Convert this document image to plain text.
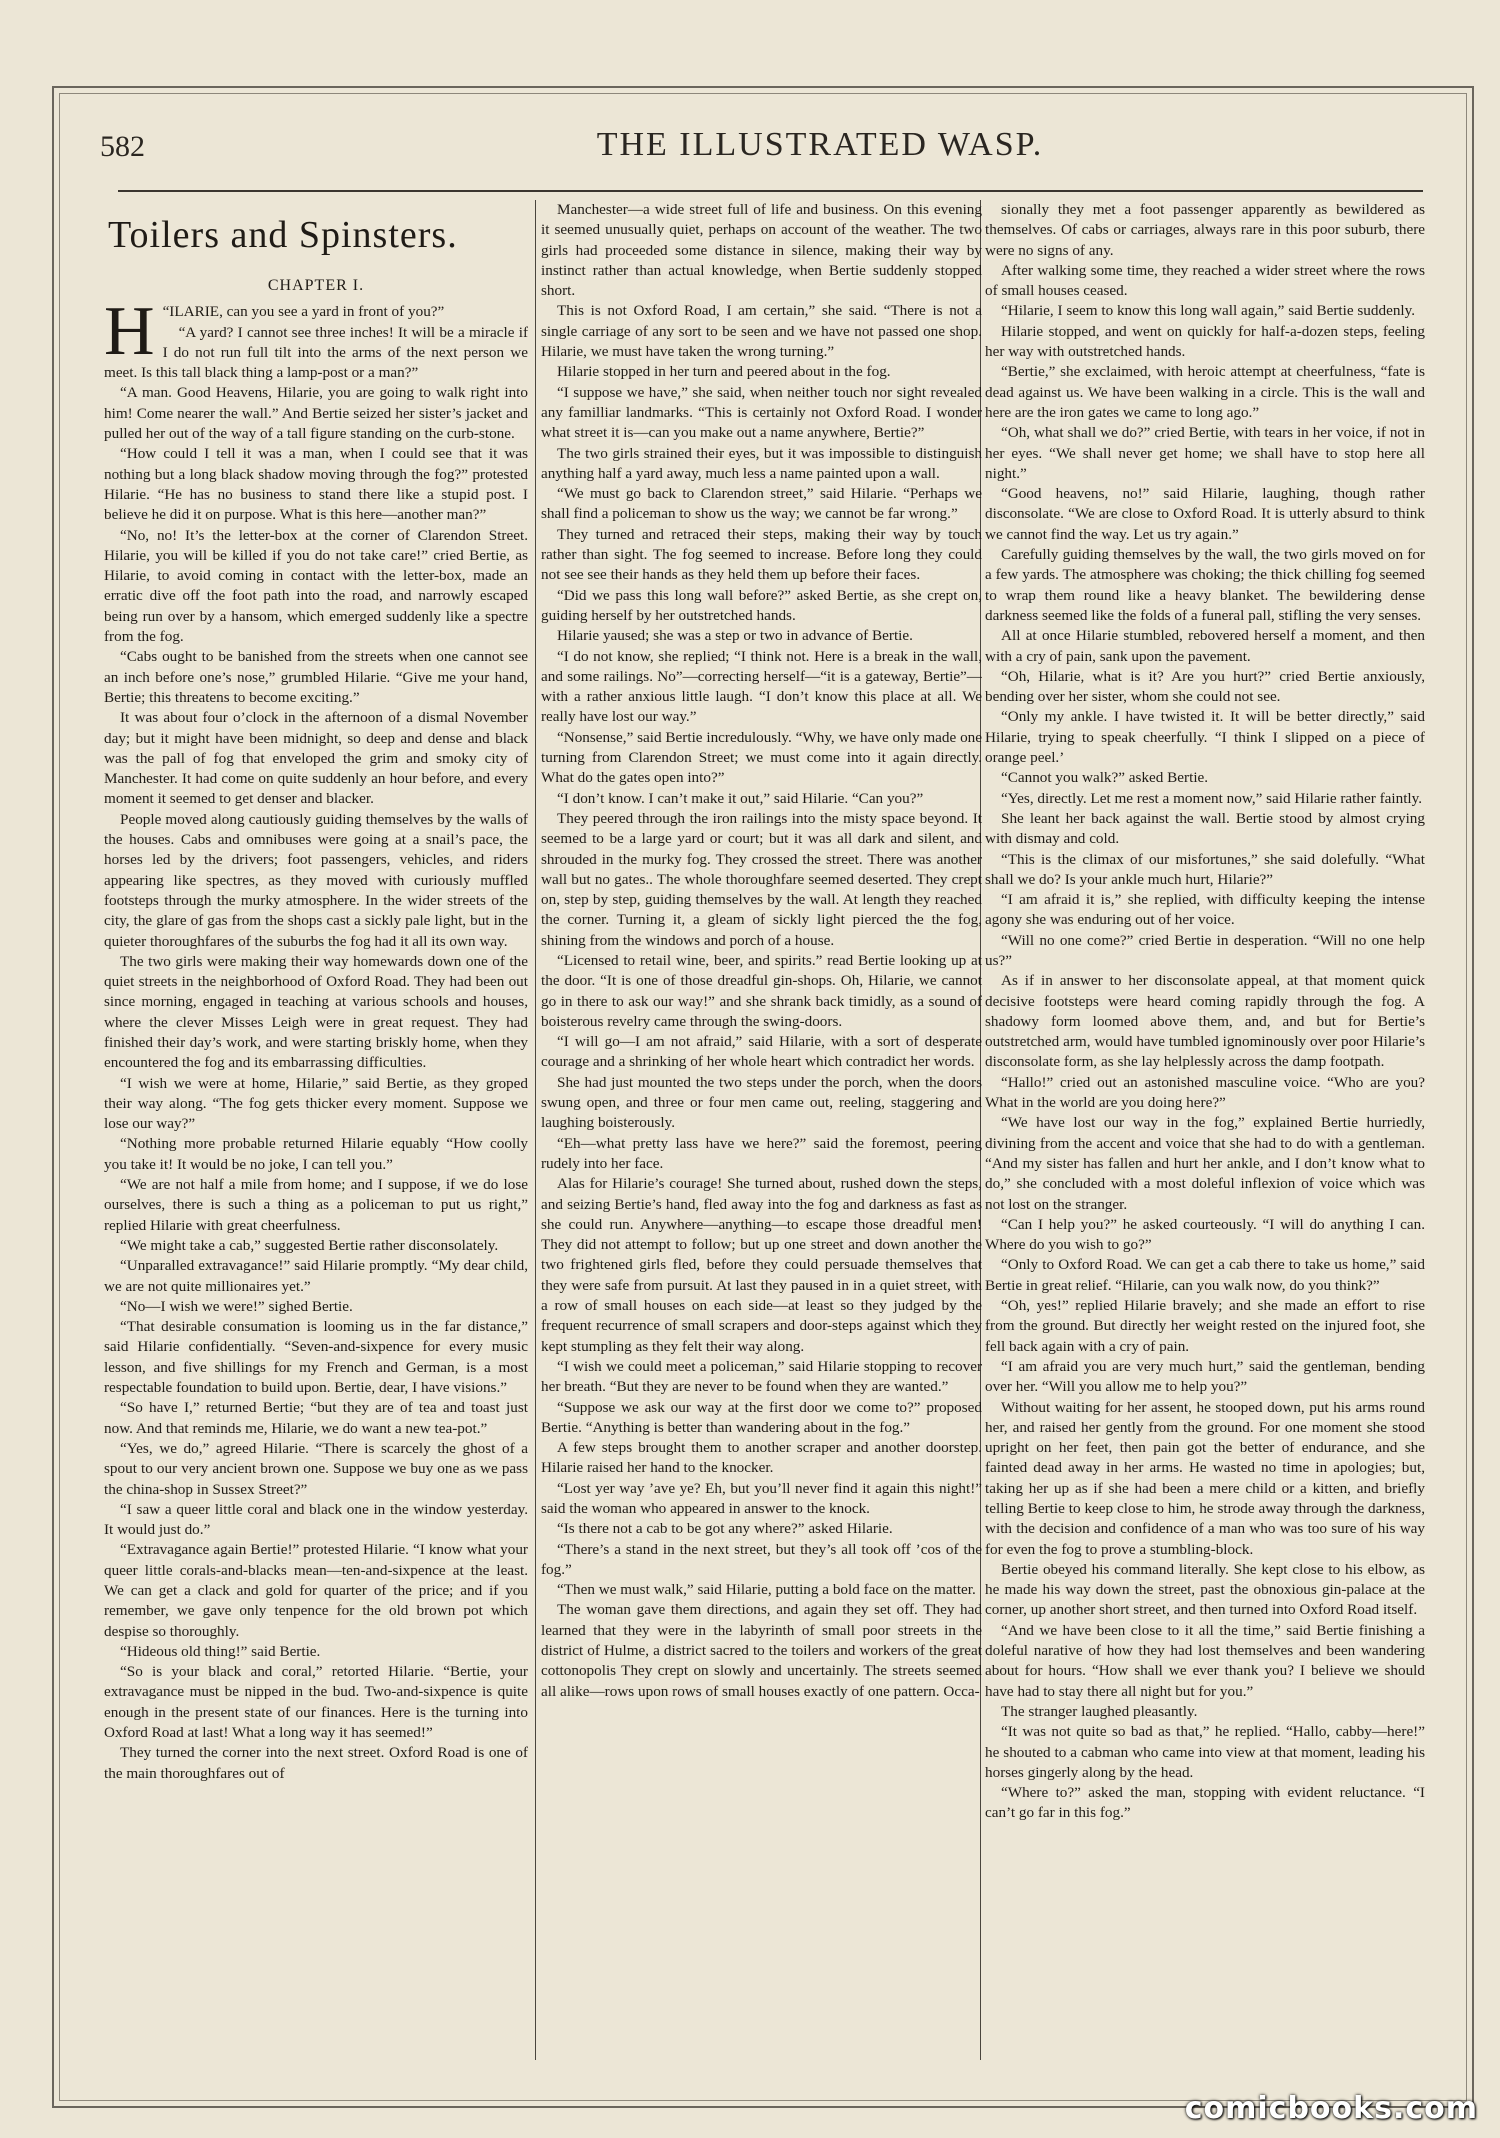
582	THE ILLUSTRATED WASP.
Toilers and Spinsters.
CHAPTER I.
H “ILARIE, can you see a yard in front of you?”

“A yard? I cannot see three inches! It will be a miracle if I do not run full tilt into the arms of the next person we meet. Is this tall black thing a lamp-post or a man?”

“A man. Good Heavens, Hilarie, you are going to walk right into him! Come nearer the wall.” And Bertie seized her sister’s jacket and pulled her out of the way of a tall figure standing on the curb-stone.

“How could I tell it was a man, when I could see that it was nothing but a long black shadow moving through the fog?” protested Hilarie. “He has no business to stand there like a stupid post. I believe he did it on purpose. What is this here—another man?”

“No, no! It’s the letter-box at the corner of Clarendon Street. Hilarie, you will be killed if you do not take care!” cried Bertie, as Hilarie, to avoid coming in contact with the letter-box, made an erratic dive off the foot path into the road, and narrowly escaped being run over by a hansom, which emerged suddenly like a spectre from the fog.

“Cabs ought to be banished from the streets when one cannot see an inch before one’s nose,” grumbled Hilarie. “Give me your hand, Bertie; this threatens to become exciting.”

It was about four o’clock in the afternoon of a dismal November day; but it might have been midnight, so deep and dense and black was the pall of fog that enveloped the grim and smoky city of Manchester. It had come on quite suddenly an hour before, and every moment it seemed to get denser and blacker.

People moved along cautiously guiding themselves by the walls of the houses. Cabs and omnibuses were going at a snail’s pace, the horses led by the drivers; foot passengers, vehicles, and riders appearing like spectres, as they moved with curiously muffled footsteps through the murky atmosphere. In the wider streets of the city, the glare of gas from the shops cast a sickly pale light, but in the quieter thoroughfares of the suburbs the fog had it all its own way.

The two girls were making their way homewards down one of the quiet streets in the neighborhood of Oxford Road. They had been out since morning, engaged in teaching at various schools and houses, where the clever Misses Leigh were in great request. They had finished their day’s work, and were starting briskly home, when they encountered the fog and its embarrassing difficulties.

“I wish we were at home, Hilarie,” said Bertie, as they groped their way along. “The fog gets thicker every moment. Suppose we lose our way?”

“Nothing more probable returned Hilarie equably “How coolly you take it! It would be no joke, I can tell you.”

“We are not half a mile from home; and I suppose, if we do lose ourselves, there is such a thing as a policeman to put us right,” replied Hilarie with great cheerfulness.

“We might take a cab,” suggested Bertie rather disconsolately.

“Unparalled extravagance!” said Hilarie promptly. “My dear child, we are not quite millionaires yet.”

“No—I wish we were!” sighed Bertie.

“That desirable consumation is looming us in the far distance,” said Hilarie confidentially. “Seven-and-sixpence for every music lesson, and five shillings for my French and German, is a most respectable foundation to build upon. Bertie, dear, I have visions.”

“So have I,” returned Bertie; “but they are of tea and toast just now. And that reminds me, Hilarie, we do want a new tea-pot.”

“Yes, we do,” agreed Hilarie. “There is scarcely the ghost of a spout to our very ancient brown one. Suppose we buy one as we pass the china-shop in Sussex Street?”

“I saw a queer little coral and black one in the window yesterday. It would just do.”

“Extravagance again Bertie!” protested Hilarie. “I know what your queer little corals-and-blacks mean—ten-and-sixpence at the least. We can get a clack and gold for quarter of the price; and if you remember, we gave only tenpence for the old brown pot which despise so thoroughly.

“Hideous old thing!” said Bertie.

“So is your black and coral,” retorted Hilarie. “Bertie, your extravagance must be nipped in the bud. Two-and-sixpence is quite enough in the present state of our finances. Here is the turning into Oxford Road at last! What a long way it has seemed!”

They turned the corner into the next street. Oxford Road is one of the main thoroughfares out of

Manchester—a wide street full of life and business. On this evening it seemed unusually quiet, perhaps on account of the weather. The two girls had proceeded some distance in silence, making their way by instinct rather than actual knowledge, when Bertie suddenly stopped short.

This is not Oxford Road, I am certain,” she said. “There is not a single carriage of any sort to be seen and we have not passed one shop. Hilarie, we must have taken the wrong turning.”

Hilarie stopped in her turn and peered about in the fog.

“I suppose we have,” she said, when neither touch nor sight revealed any familliar landmarks. “This is certainly not Oxford Road. I wonder what street it is—can you make out a name anywhere, Bertie?”

The two girls strained their eyes, but it was impossible to distinguish anything half a yard away, much less a name painted upon a wall.

“We must go back to Clarendon street,” said Hilarie. “Perhaps we shall find a policeman to show us the way; we cannot be far wrong.”

They turned and retraced their steps, making their way by touch rather than sight. The fog seemed to increase. Before long they could not see see their hands as they held them up before their faces.

“Did we pass this long wall before?” asked Bertie, as she crept on, guiding herself by her outstretched hands.

Hilarie yaused; she was a step or two in advance of Bertie.

“I do not know, she replied; “I think not. Here is a break in the wall, and some railings. No”—correcting herself—“it is a gateway, Bertie”—with a rather anxious little laugh. “I don’t know this place at all. We really have lost our way.”

“Nonsense,” said Bertie incredulously. “Why, we have only made one turning from Clarendon Street; we must come into it again directly. What do the gates open into?”

“I don’t know. I can’t make it out,” said Hilarie. “Can you?”

They peered through the iron railings into the misty space beyond. It seemed to be a large yard or court; but it was all dark and silent, and shrouded in the murky fog. They crossed the street. There was another wall but no gates.. The whole thoroughfare seemed deserted. They crept on, step by step, guiding themselves by the wall. At length they reached the corner. Turning it, a gleam of sickly light pierced the the fog, shining from the windows and porch of a house.

“Licensed to retail wine, beer, and spirits.” read Bertie looking up at the door. “It is one of those dreadful gin-shops. Oh, Hilarie, we cannot go in there to ask our way!” and she shrank back timidly, as a sound of boisterous revelry came through the swing-doors.

“I will go—I am not afraid,” said Hilarie, with a sort of desperate courage and a shrinking of her whole heart which contradict her words.

She had just mounted the two steps under the porch, when the doors swung open, and three or four men came out, reeling, staggering and laughing boisterously.

“Eh—what pretty lass have we here?” said the foremost, peering rudely into her face.

Alas for Hilarie’s courage! She turned about, rushed down the steps, and seizing Bertie’s hand, fled away into the fog and darkness as fast as she could run. Anywhere—anything—to escape those dreadful men! They did not attempt to follow; but up one street and down another the two frightened girls fled, before they could persuade themselves that they were safe from pursuit. At last they paused in in a quiet street, with a row of small houses on each side—at least so they judged by the frequent recurrence of small scrapers and door-steps against which they kept stumpling as they felt their way along.

“I wish we could meet a policeman,” said Hilarie stopping to recover her breath. “But they are never to be found when they are wanted.”

“Suppose we ask our way at the first door we come to?” proposed Bertie. “Anything is better than wandering about in the fog.”

A few steps brought them to another scraper and another doorstep. Hilarie raised her hand to the knocker.

“Lost yer way ’ave ye? Eh, but you’ll never find it again this night!” said the woman who appeared in answer to the knock.

“Is there not a cab to be got any where?” asked Hilarie.

“There’s a stand in the next street, but they’s all took off ’cos of the fog.”

“Then we must walk,” said Hilarie, putting a bold face on the matter.

The woman gave them directions, and again they set off. They had learned that they were in the labyrinth of small poor streets in the district of Hulme, a district sacred to the toilers and workers of the great cottonopolis They crept on slowly and uncertainly. The streets seemed all alike—rows upon rows of small houses exactly of one pattern. Occa-

sionally they met a foot passenger apparently as bewildered as themselves. Of cabs or carriages, always rare in this poor suburb, there were no signs of any.

After walking some time, they reached a wider street where the rows of small houses ceased.

“Hilarie, I seem to know this long wall again,” said Bertie suddenly.

Hilarie stopped, and went on quickly for half-a-dozen steps, feeling her way with outstretched hands.

“Bertie,” she exclaimed, with heroic attempt at cheerfulness, “fate is dead against us. We have been walking in a circle. This is the wall and here are the iron gates we came to long ago.”

“Oh, what shall we do?” cried Bertie, with tears in her voice, if not in her eyes. “We shall never get home; we shall have to stop here all night.”

“Good heavens, no!” said Hilarie, laughing, though rather disconsolate. “We are close to Oxford Road. It is utterly absurd to think we cannot find the way. Let us try again.”

Carefully guiding themselves by the wall, the two girls moved on for a few yards. The atmosphere was choking; the thick chilling fog seemed to wrap them round like a heavy blanket. The bewildering dense darkness seemed like the folds of a funeral pall, stifling the very senses.

All at once Hilarie stumbled, rebovered herself a moment, and then with a cry of pain, sank upon the pavement.

“Oh, Hilarie, what is it? Are you hurt?” cried Bertie anxiously, bending over her sister, whom she could not see.

“Only my ankle. I have twisted it. It will be better directly,” said Hilarie, trying to speak cheerfully. “I think I slipped on a piece of orange peel.’

“Cannot you walk?” asked Bertie.

“Yes, directly. Let me rest a moment now,” said Hilarie rather faintly.

She leant her back against the wall. Bertie stood by almost crying with dismay and cold.

“This is the climax of our misfortunes,” she said dolefully. “What shall we do? Is your ankle much hurt, Hilarie?”

“I am afraid it is,” she replied, with difficulty keeping the intense agony she was enduring out of her voice.

“Will no one come?” cried Bertie in desperation. “Will no one help us?”

As if in answer to her disconsolate appeal, at that moment quick decisive footsteps were heard coming rapidly through the fog. A shadowy form loomed above them, and, and but for Bertie’s outstretched arm, would have tumbled ignominously over poor Hilarie’s disconsolate form, as she lay helplessly across the damp footpath.

“Hallo!” cried out an astonished masculine voice. “Who are you? What in the world are you doing here?”

“We have lost our way in the fog,” explained Bertie hurriedly, divining from the accent and voice that she had to do with a gentleman. “And my sister has fallen and hurt her ankle, and I don’t know what to do,” she concluded with a most doleful inflexion of voice which was not lost on the stranger.

“Can I help you?” he asked courteously. “I will do anything I can. Where do you wish to go?”

“Only to Oxford Road. We can get a cab there to take us home,” said Bertie in great relief. “Hilarie, can you walk now, do you think?”

“Oh, yes!” replied Hilarie bravely; and she made an effort to rise from the ground. But directly her weight rested on the injured foot, she fell back again with a cry of pain.

“I am afraid you are very much hurt,” said the gentleman, bending over her. “Will you allow me to help you?”

Without waiting for her assent, he stooped down, put his arms round her, and raised her gently from the ground. For one moment she stood upright on her feet, then pain got the better of endurance, and she fainted dead away in her arms. He wasted no time in apologies; but, taking her up as if she had been a mere child or a kitten, and briefly telling Bertie to keep close to him, he strode away through the darkness, with the decision and confidence of a man who was too sure of his way for even the fog to prove a stumbling-block.

Bertie obeyed his command literally. She kept close to his elbow, as he made his way down the street, past the obnoxious gin-palace at the corner, up another short street, and then turned into Oxford Road itself.

“And we have been close to it all the time,” said Bertie finishing a doleful narative of how they had lost themselves and been wandering about for hours. “How shall we ever thank you? I believe we should have had to stay there all night but for you.”

The stranger laughed pleasantly.

“It was not quite so bad as that,” he replied. “Hallo, cabby—here!” he shouted to a cabman who came into view at that moment, leading his horses gingerly along by the head.

“Where to?” asked the man, stopping with evident reluctance. “I can’t go far in this fog.”

comicbooks.com
